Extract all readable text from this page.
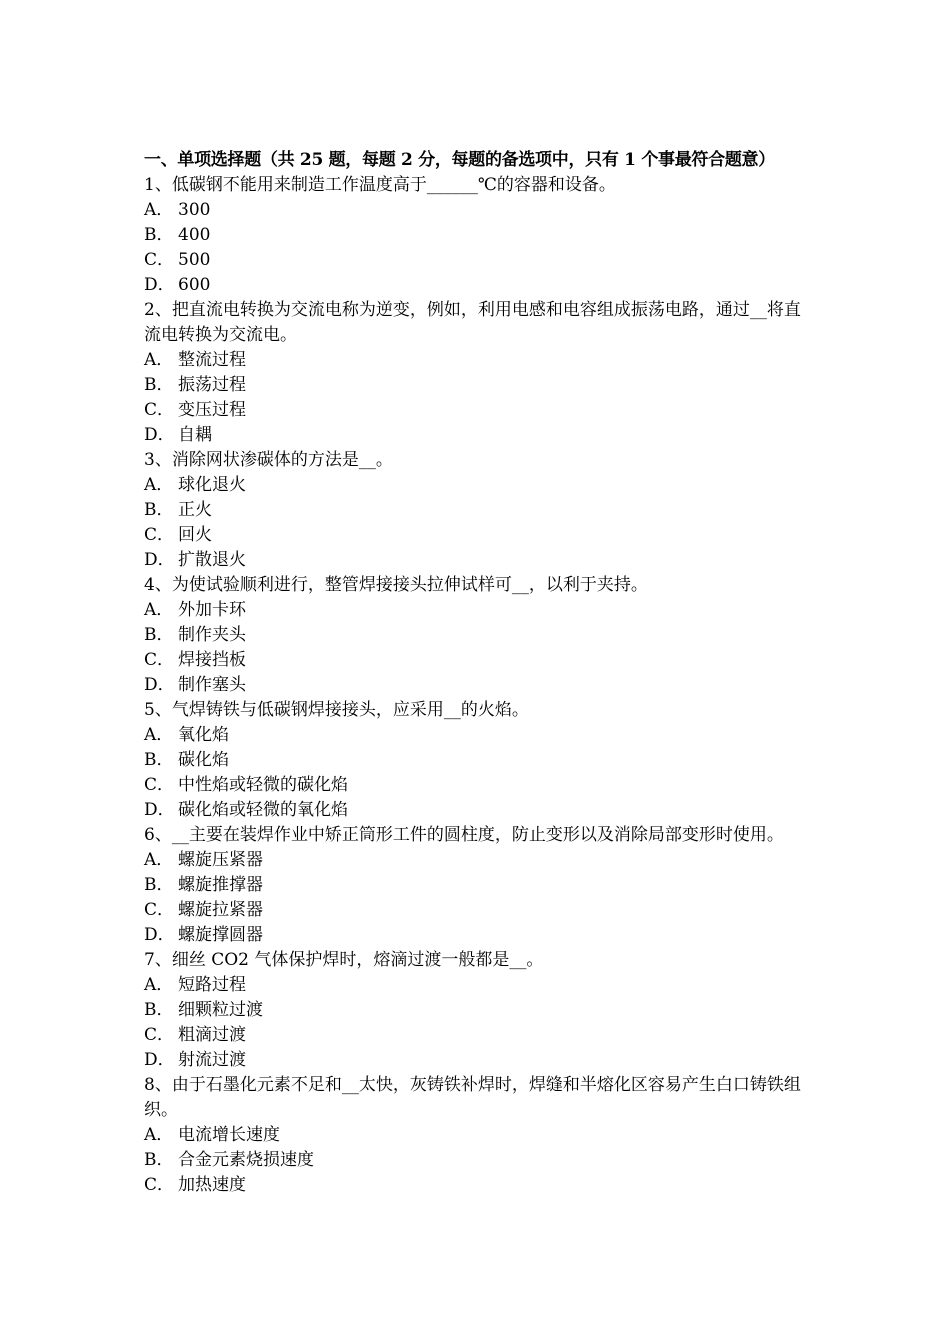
一、单项选择题（共 25 题，每题 2 分，每题的备选项中，只有 1 个事最符合题意）
1、低碳钢不能用来制造工作温度高于______℃的容器和设备。
A． 300
B． 400
C． 500
D． 600
2、把直流电转换为交流电称为逆变，例如，利用电感和电容组成振荡电路，通过__将直流电转换为交流电。
A． 整流过程
B． 振荡过程
C． 变压过程
D． 自耦
3、消除网状渗碳体的方法是__。
A． 球化退火
B． 正火
C． 回火
D． 扩散退火
4、为使试验顺利进行，整管焊接接头拉伸试样可__，以利于夹持。
A． 外加卡环
B． 制作夹头
C． 焊接挡板
D． 制作塞头
5、气焊铸铁与低碳钢焊接接头，应采用__的火焰。
A． 氧化焰
B． 碳化焰
C． 中性焰或轻微的碳化焰
D． 碳化焰或轻微的氧化焰
6、__主要在装焊作业中矫正筒形工件的圆柱度，防止变形以及消除局部变形时使用。
A． 螺旋压紧器
B． 螺旋推撑器
C． 螺旋拉紧器
D． 螺旋撑圆器
7、细丝 CO2 气体保护焊时，熔滴过渡一般都是__。
A． 短路过程
B． 细颗粒过渡
C． 粗滴过渡
D． 射流过渡
8、由于石墨化元素不足和__太快，灰铸铁补焊时，焊缝和半熔化区容易产生白口铸铁组织。
A． 电流增长速度
B． 合金元素烧损速度
C． 加热速度
